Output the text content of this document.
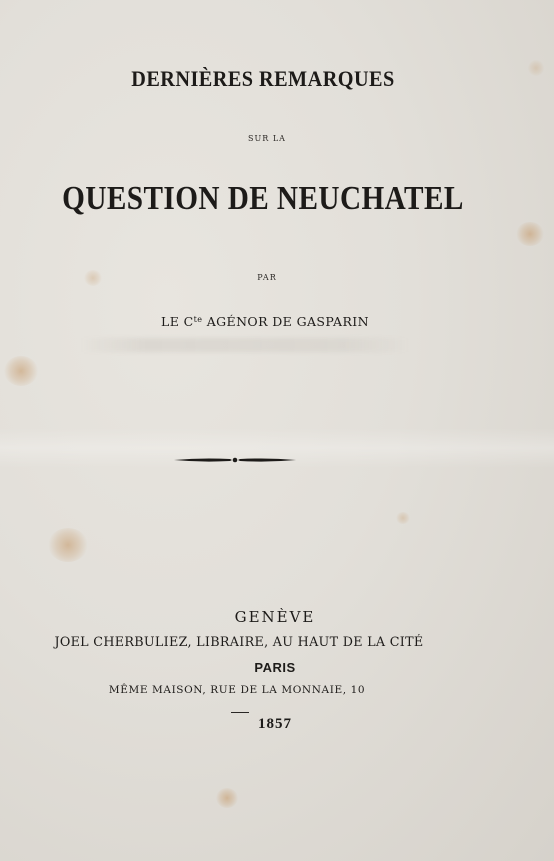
DERNIÈRES REMARQUES
SUR LA
QUESTION DE NEUCHATEL
PAR
LE $C^{te}$ AGÉNOR DE GASPARIN
GENÈVE
JOEL CHERBULIEZ, LIBRAIRE, AU HAUT DE LA CITÉ
PARIS
MÊME MAISON, RUE DE LA MONNAIE, 10
1857
